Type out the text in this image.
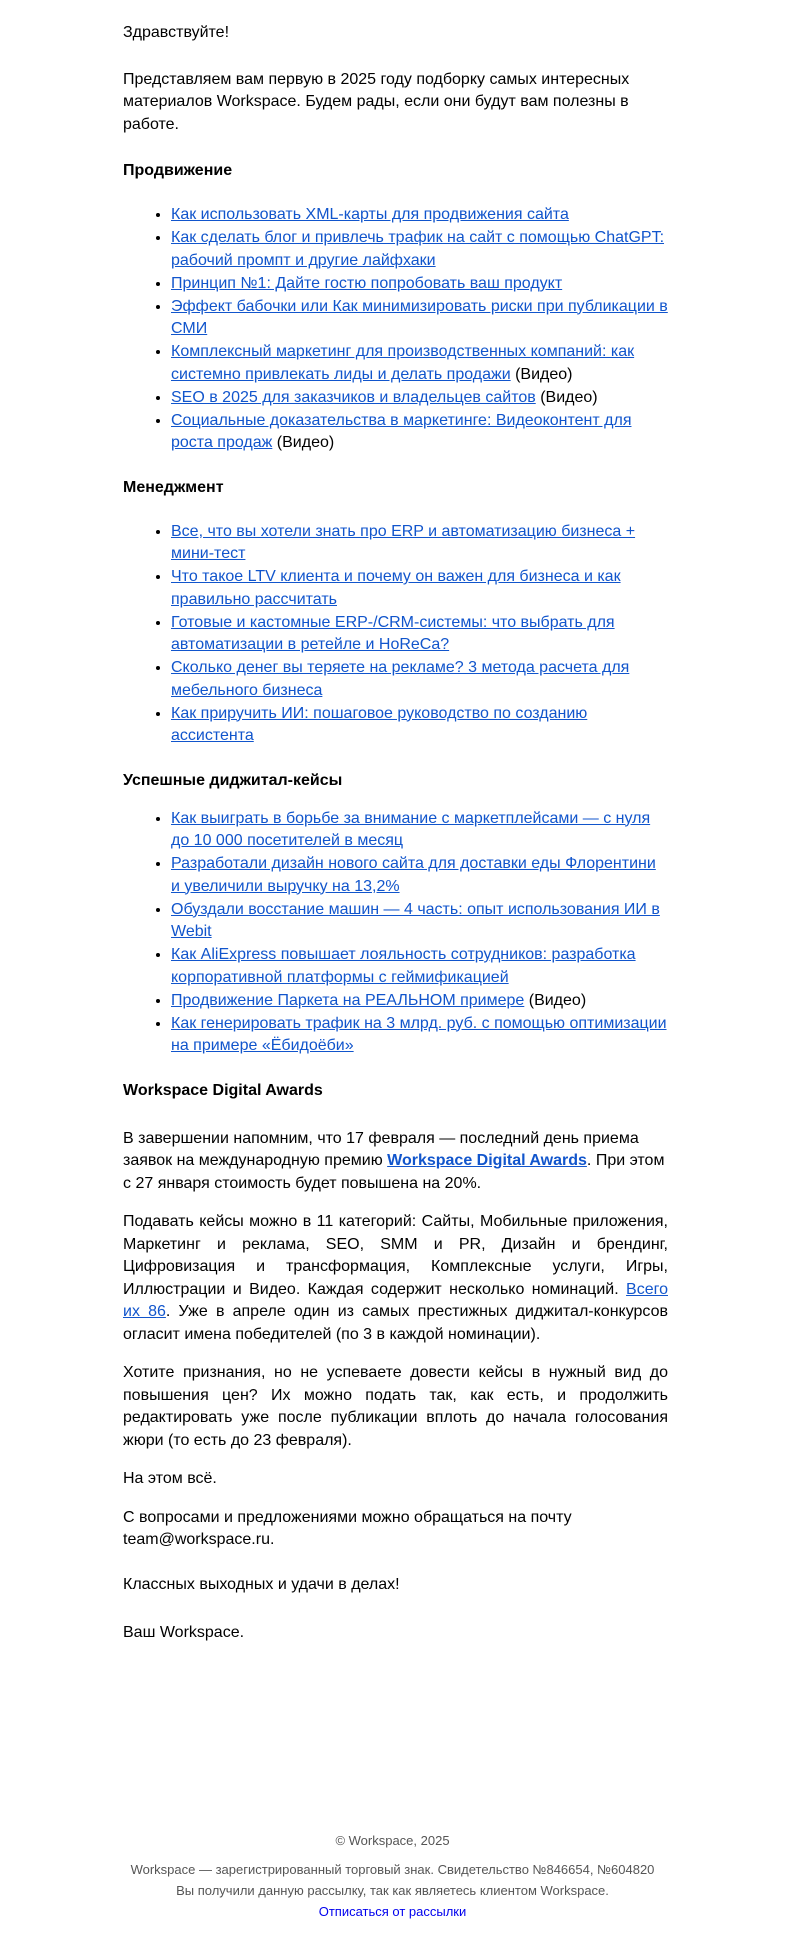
Здравствуйте!

Представляем вам первую в 2025 году подборку самых интересных материалов Workspace. Будем рады, если они будут вам полезны в работе.

Продвижение
• Как использовать XML-карты для продвижения сайта
• Как сделать блог и привлечь трафик на сайт с помощью ChatGPT: рабочий промпт и другие лайфхаки
• Принцип №1: Дайте гостю попробовать ваш продукт
• Эффект бабочки или Как минимизировать риски при публикации в СМИ
• Комплексный маркетинг для производственных компаний: как системно привлекать лиды и делать продажи (Видео)
• SEO в 2025 для заказчиков и владельцев сайтов (Видео)
• Социальные доказательства в маркетинге: Видеоконтент для роста продаж (Видео)
Менеджмент
• Все, что вы хотели знать про ERP и автоматизацию бизнеса + мини-тест
• Что такое LTV клиента и почему он важен для бизнеса и как правильно рассчитать
• Готовые и кастомные ERP-/CRM-системы: что выбрать для автоматизации в ретейле и HoReCa?
• Сколько денег вы теряете на рекламе? 3 метода расчета для мебельного бизнеса
• Как приручить ИИ: пошаговое руководство по созданию ассистента
Успешные диджитал-кейсы
• Как выиграть в борьбе за внимание с маркетплейсами — с нуля до 10 000 посетителей в месяц
• Разработали дизайн нового сайта для доставки еды Флорентини и увеличили выручку на 13,2%
• Обуздали восстание машин — 4 часть: опыт использования ИИ в Webit
• Как AliExpress повышает лояльность сотрудников: разработка корпоративной платформы с геймификацией
• Продвижение Паркета на РЕАЛЬНОМ примере (Видео)
• Как генерировать трафик на 3 млрд. руб. с помощью оптимизации на примере «Ёбидоёби»
Workspace Digital Awards

В завершении напомним, что 17 февраля — последний день приема заявок на международную премию Workspace Digital Awards. При этом с 27 января стоимость будет повышена на 20%.

Подавать кейсы можно в 11 категорий: Сайты, Мобильные приложения, Маркетинг и реклама, SEO, SMM и PR, Дизайн и брендинг, Цифровизация и трансформация, Комплексные услуги, Игры, Иллюстрации и Видео. Каждая содержит несколько номинаций. Всего их 86. Уже в апреле один из самых престижных диджитал-конкурсов огласит имена победителей (по 3 в каждой номинации).

Хотите признания, но не успеваете довести кейсы в нужный вид до повышения цен? Их можно подать так, как есть, и продолжить редактировать уже после публикации вплоть до начала голосования жюри (то есть до 23 февраля).

На этом всё.

С вопросами и предложениями можно обращаться на почту team@workspace.ru.

Классных выходных и удачи в делах!

Ваш Workspace.

© Workspace, 2025
Workspace — зарегистрированный торговый знак. Свидетельство №846654, №604820
Вы получили данную рассылку, так как являетесь клиентом Workspace.
Отписаться от рассылки
